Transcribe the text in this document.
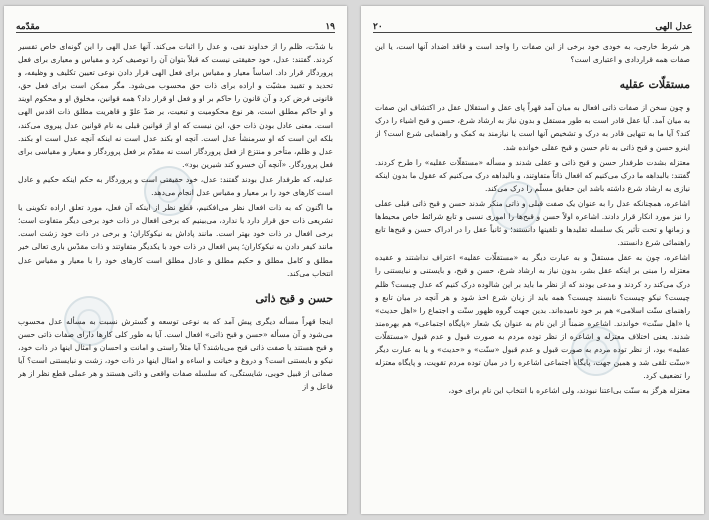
۱۹
مقدّمه

با شدّت، ظلم را از خداوند نفی، و عدل را اثبات می‌کند. آنها عدل الهی را این گونه‌ای خاص تفسیر کردند. گفتند: عدل، خود حقیقتی نیست که قبلاً بتوان آن را توصیف کرد و مقیاس و معیاری برای فعل پروردگار قرار داد. اساساً معیار و مقیاس برای فعل الهی قرار دادن نوعی تعیین تکلیف و وظیفه، و تحدید و تقیید مشیّت و اراده برای ذات حق محسوب می‌شود. مگر ممکن است برای فعل حق، قانونی فرض کرد و آن قانون را حاکم بر او و فعل او قرار داد؟ همه قوانین، مخلوق او و محکوم اویند و او حاکم مطلق است، هر نوع محکومیت و تبعیت، بر ضدّ علوّ و قاهریت مطلق ذات اقدس الهی است. معنی عادل بودن ذات حق، این نیست که او از قوانین قبلی به نام قوانین عدل پیروی می‌کند، بلکه این است که او سرمنشأ عدل است. آنچه او بکند عدل است نه اینکه آنچه عدل است او بکند. عدل و ظلم، متأخر و منتزع از فعل پروردگار است نه مقدّم بر فعل پروردگار و معیار و مقیاسی برای فعل پروردگار. «آنچه آن خسرو کند شیرین بود».

عدلیه، که طرفدار عدل بودند گفتند: عدل، خود حقیقتی است و پروردگار به حکم اینکه حکیم و عادل است کارهای خود را بر معیار و مقیاس عدل انجام می‌دهد.

ما اگنون که به ذات افعال نظر می‌افکنیم، قطع نظر از اینکه آن فعل، مورد تعلق اراده تکوینی یا تشریعی ذات حق قرار دارد یا ندارد، می‌بینیم که برخی افعال در ذات خود برخی دیگر متفاوت است؛ برخی افعال در ذات خود بهتر است. مانند پاداش به نیکوکاران؛ و برخی در ذات خود زشت است. مانند کیفر دادن به نیکوکاران؛ پس افعال در ذات خود با یکدیگر متفاوتند و ذات مقدّس باری تعالی خیر مطلق و کامل مطلق و حکیم مطلق و عادل مطلق است کارهای خود را با معیار و مقیاس عدل انتخاب می‌کند.

حسن و قبح ذاتی

اینجا قهراً مسأله دیگری پیش آمد که به نوعی توسعه و گسترش نسبت به مسأله عدل محسوب می‌شود و آن مسأله «حسن و قبح ذاتی» افعال است. آیا به طور کلی کارها دارای صفات ذاتی حسن و قبح هستند یا صفت ذاتی قبح می‌باشند؟ آیا مثلاً راستی و امانت و احسان و امثال اینها در ذات خود، نیکو و بایستنی است؟ و دروغ و خیانت و اساءه و امثال اینها در ذات خود، زشت و نبایستنی است؟ آیا صفاتی از قبیل خوبی، شایستگی، که سلسله صفات واقعی و ذاتی هستند و هر عملی قطع نظر از هر فاعل و از

عدل الهی
۲۰

هر شرط خارجی، به خودی خود برخی از این صفات را واجد است و فاقد اضداد آنها است، یا این صفات همه قراردادی و اعتباری است؟

مستقلّات عقلیه

و چون سخن از صفات ذاتی افعال به میان آمد قهراً پای عقل و استقلال عقل در اکتشاف این صفات به میان آمد. آیا عقل قادر است به طور مستقل و بدون نیاز به ارشاد شرع، حسن و قبح اشیاء را درک کند؟ آیا ما به تنهایی قادر به درک و تشخیص آنها است یا نیازمند به کمک و راهنمایی شرع است؟ از اینرو حسن و قبح ذاتی به نام حسن و قبح عقلی خوانده شد.

معتزله بشدت طرفدار حسن و قبح ذاتی و عقلی شدند و مسأله «مستقلّات عقلیه» را طرح کردند. گفتند: بالبداهه ما درک می‌کنیم که افعال ذاتاً متفاوتند، و بالبداهه درک می‌کنیم که عقول ما بدون اینکه نیازی به ارشاد شرع داشته باشد این حقایق مسلّم را درک می‌کند.

اشاعره، همچنانکه عدل را به عنوان یک صفت قبلی و ذاتی منکر شدند حسن و قبح ذاتی قبلی عقلی را نیز مورد انکار قرار دادند. اشاعره اولاً حسن و قبح‌ها را اموری نسبی و تابع شرائط خاص محیط‌ها و زمانها و تحت تأثیر یک سلسله تقلیدها و تلقینها دانستند؛ و ثانیاً عقل را در ادراک حسن و قبح‌ها تابع راهنمائی شرع دانستند.

اشاعره، چون به عقل مستقلّ و به عبارت دیگر به «مستقلّات عقلیه» اعتراف نداشتند و عقیده معتزله را مبنی بر اینکه عقل بشر، بدون نیاز به ارشاد شرع، حسن و قبح، و بایستنی و نبایستنی را درک می‌کند رد کردند و مدعی بودند که از نظر ما باید بر این شالوده درک کنیم که عدل چیست؟ ظلم چیست؟ نیکو چیست؟ نابسند چیست؟ همه باید از زبان شرع اخذ شود و هر آنچه در میان تابع و راهنمای سنّت اسلامی» هم بر خود نامیده‌اند. بدین جهت گروه ظهور سنّت و اجتماع را «اهل حدیث» یا «اهل سنّت» خواندند. اشاعره ضمناً از این نام به عنوان یک شعار «پایگاه اجتماعی» هم بهره‌مند شدند. یعنی اختلاف معتزله و اشاعره از نظر توده مردم به صورت قبول و عدم قبول «مستقلّات عقلیه» بود، از نظر توده مردم به صورت قبول و عدم قبول «سنّت» و «حدیث» و یا به عبارت دیگر «سنّت تلقی شد و همین جهت، پایگاه اجتماعی اشاعره را در میان توده مردم تقویت، و پایگاه معتزله را تضعیف کرد.

معتزله هرگز به سنّت بی‌اعتنا نبودند، ولی اشاعره با انتخاب این نام برای خود،
